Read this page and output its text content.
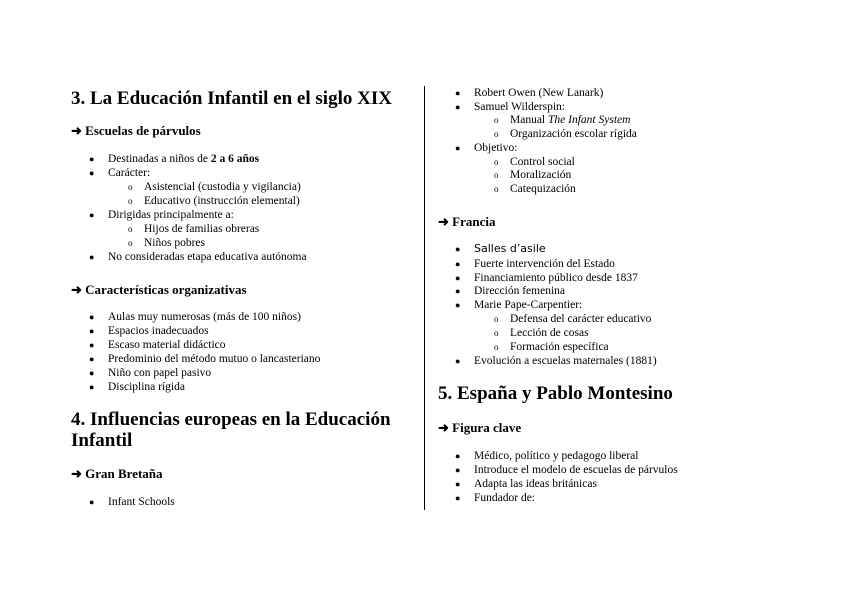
3. La Educación Infantil en el siglo XIX
➜ Escuelas de párvulos
● Destinadas a niños de 2 a 6 años
● Carácter:
o Asistencial (custodia y vigilancia)
o Educativo (instrucción elemental)
● Dirigidas principalmente a:
o Hijos de familias obreras
o Niños pobres
● No consideradas etapa educativa autónoma
➜ Características organizativas
● Aulas muy numerosas (más de 100 niños)
● Espacios inadecuados
● Escaso material didáctico
● Predominio del método mutuo o lancasteriano
● Niño con papel pasivo
● Disciplina rígida
4. Influencias europeas en la Educación
Infantil
➜ Gran Bretaña
● Infant Schools
● Robert Owen (New Lanark)
● Samuel Wilderspin:
o Manual The Infant System
o Organización escolar rígida
● Objetivo:
o Control social
o Moralización
o Catequización
➜ Francia
● Salles d’asile
● Fuerte intervención del Estado
● Financiamiento público desde 1837
● Dirección femenina
● Marie Pape-Carpentier:
o Defensa del carácter educativo
o Lección de cosas
o Formación específica
● Evolución a escuelas maternales (1881)
5. España y Pablo Montesino
➜ Figura clave
● Médico, político y pedagogo liberal
● Introduce el modelo de escuelas de párvulos
● Adapta las ideas británicas
● Fundador de:
